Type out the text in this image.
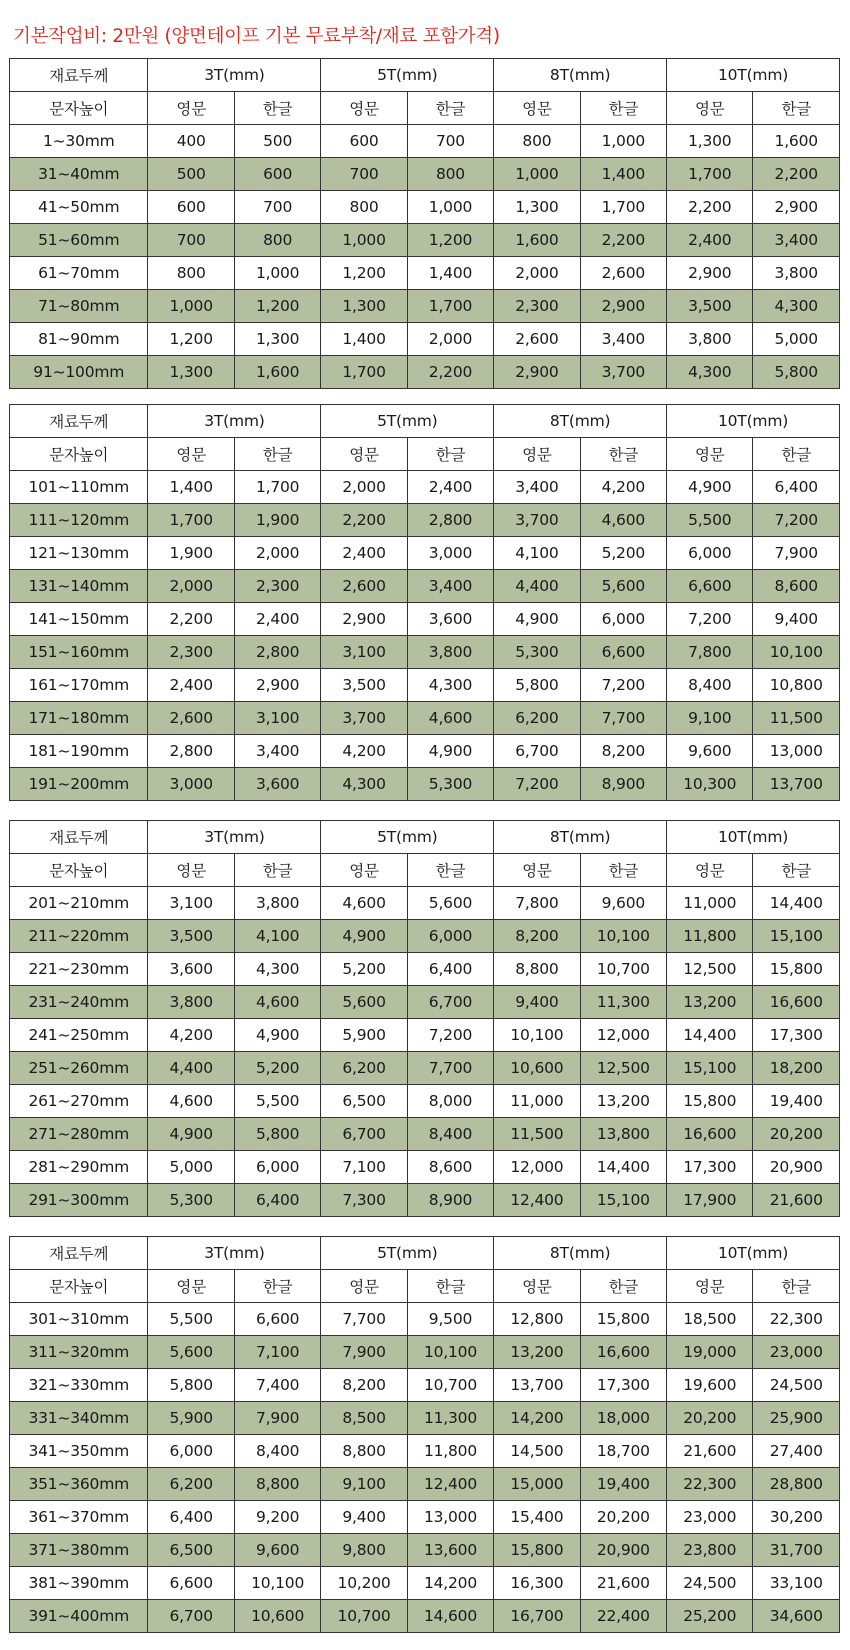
기본작업비: 2만원 (양면테이프 기본 무료부착/재료 포함가격)
재료두께	3T(mm)		5T(mm)		8T(mm)		10T(mm)	
문자높이	영문	한글	영문	한글	영문	한글	영문	한글
1~30mm	400	500	600	700	800	1,000	1,300	1,600
31~40mm	500	600	700	800	1,000	1,400	1,700	2,200
41~50mm	600	700	800	1,000	1,300	1,700	2,200	2,900
51~60mm	700	800	1,000	1,200	1,600	2,200	2,400	3,400
61~70mm	800	1,000	1,200	1,400	2,000	2,600	2,900	3,800
71~80mm	1,000	1,200	1,300	1,700	2,300	2,900	3,500	4,300
81~90mm	1,200	1,300	1,400	2,000	2,600	3,400	3,800	5,000
91~100mm	1,300	1,600	1,700	2,200	2,900	3,700	4,300	5,800
재료두께	3T(mm)		5T(mm)		8T(mm)		10T(mm)	
문자높이	영문	한글	영문	한글	영문	한글	영문	한글
101~110mm	1,400	1,700	2,000	2,400	3,400	4,200	4,900	6,400
111~120mm	1,700	1,900	2,200	2,800	3,700	4,600	5,500	7,200
121~130mm	1,900	2,000	2,400	3,000	4,100	5,200	6,000	7,900
131~140mm	2,000	2,300	2,600	3,400	4,400	5,600	6,600	8,600
141~150mm	2,200	2,400	2,900	3,600	4,900	6,000	7,200	9,400
151~160mm	2,300	2,800	3,100	3,800	5,300	6,600	7,800	10,100
161~170mm	2,400	2,900	3,500	4,300	5,800	7,200	8,400	10,800
171~180mm	2,600	3,100	3,700	4,600	6,200	7,700	9,100	11,500
181~190mm	2,800	3,400	4,200	4,900	6,700	8,200	9,600	13,000
191~200mm	3,000	3,600	4,300	5,300	7,200	8,900	10,300	13,700
재료두께	3T(mm)		5T(mm)		8T(mm)		10T(mm)	
문자높이	영문	한글	영문	한글	영문	한글	영문	한글
201~210mm	3,100	3,800	4,600	5,600	7,800	9,600	11,000	14,400
211~220mm	3,500	4,100	4,900	6,000	8,200	10,100	11,800	15,100
221~230mm	3,600	4,300	5,200	6,400	8,800	10,700	12,500	15,800
231~240mm	3,800	4,600	5,600	6,700	9,400	11,300	13,200	16,600
241~250mm	4,200	4,900	5,900	7,200	10,100	12,000	14,400	17,300
251~260mm	4,400	5,200	6,200	7,700	10,600	12,500	15,100	18,200
261~270mm	4,600	5,500	6,500	8,000	11,000	13,200	15,800	19,400
271~280mm	4,900	5,800	6,700	8,400	11,500	13,800	16,600	20,200
281~290mm	5,000	6,000	7,100	8,600	12,000	14,400	17,300	20,900
291~300mm	5,300	6,400	7,300	8,900	12,400	15,100	17,900	21,600
재료두께	3T(mm)		5T(mm)		8T(mm)		10T(mm)	
문자높이	영문	한글	영문	한글	영문	한글	영문	한글
301~310mm	5,500	6,600	7,700	9,500	12,800	15,800	18,500	22,300
311~320mm	5,600	7,100	7,900	10,100	13,200	16,600	19,000	23,000
321~330mm	5,800	7,400	8,200	10,700	13,700	17,300	19,600	24,500
331~340mm	5,900	7,900	8,500	11,300	14,200	18,000	20,200	25,900
341~350mm	6,000	8,400	8,800	11,800	14,500	18,700	21,600	27,400
351~360mm	6,200	8,800	9,100	12,400	15,000	19,400	22,300	28,800
361~370mm	6,400	9,200	9,400	13,000	15,400	20,200	23,000	30,200
371~380mm	6,500	9,600	9,800	13,600	15,800	20,900	23,800	31,700
381~390mm	6,600	10,100	10,200	14,200	16,300	21,600	24,500	33,100
391~400mm	6,700	10,600	10,700	14,600	16,700	22,400	25,200	34,600
